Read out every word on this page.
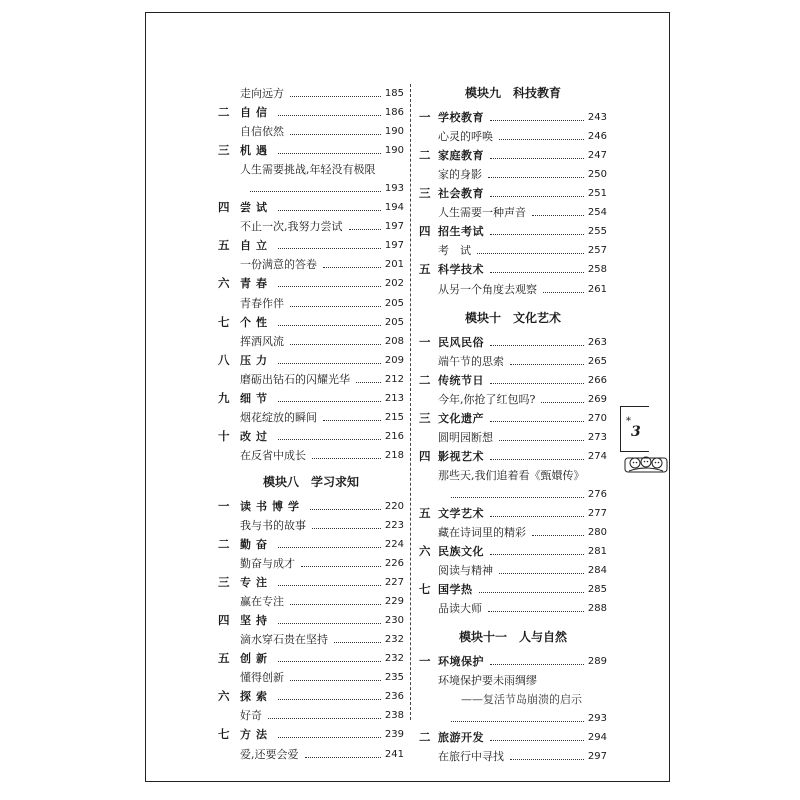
走向远方	185
二 自信	186
自信依然	190
三 机遇	190
人生需要挑战,年轻没有极限
193
四 尝试	194
不止一次,我努力尝试	197
五 自立	197
一份满意的答卷	201
六 青春	202
青春作伴	205
七 个性	205
挥洒风流	208
八 压力	209
磨砺出钻石的闪耀光华	212
九 细节	213
烟花绽放的瞬间	215
十 改过	216
在反省中成长	218
模块八　学习求知
一 读书博学	220
我与书的故事	223
二 勤奋	224
勤奋与成才	226
三 专注	227
赢在专注	229
四 坚持	230
滴水穿石贵在坚持	232
五 创新	232
懂得创新	235
六 探索	236
好奇	238
七 方法	239
爱,还要会爱	241
模块九　科技教育
一 学校教育	243
心灵的呼唤	246
二 家庭教育	247
家的身影	250
三 社会教育	251
人生需要一种声音	254
四 招生考试	255
考　试	257
五 科学技术	258
从另一个角度去观察	261
模块十　文化艺术
一 民风民俗	263
端午节的思索	265
二 传统节日	266
今年,你抢了红包吗?	269
三 文化遗产	270
圆明园断想	273
四 影视艺术	274
那些天,我们追着看《甄嬛传》
276
五 文学艺术	277
藏在诗词里的精彩	280
六 民族文化	281
阅读与精神	284
七 国学热	285
品读大师	288
模块十一　人与自然
一 环境保护	289
环境保护要未雨绸缪
——复活节岛崩溃的启示
293
二 旅游开发	294
在旅行中寻找	297
*
3
